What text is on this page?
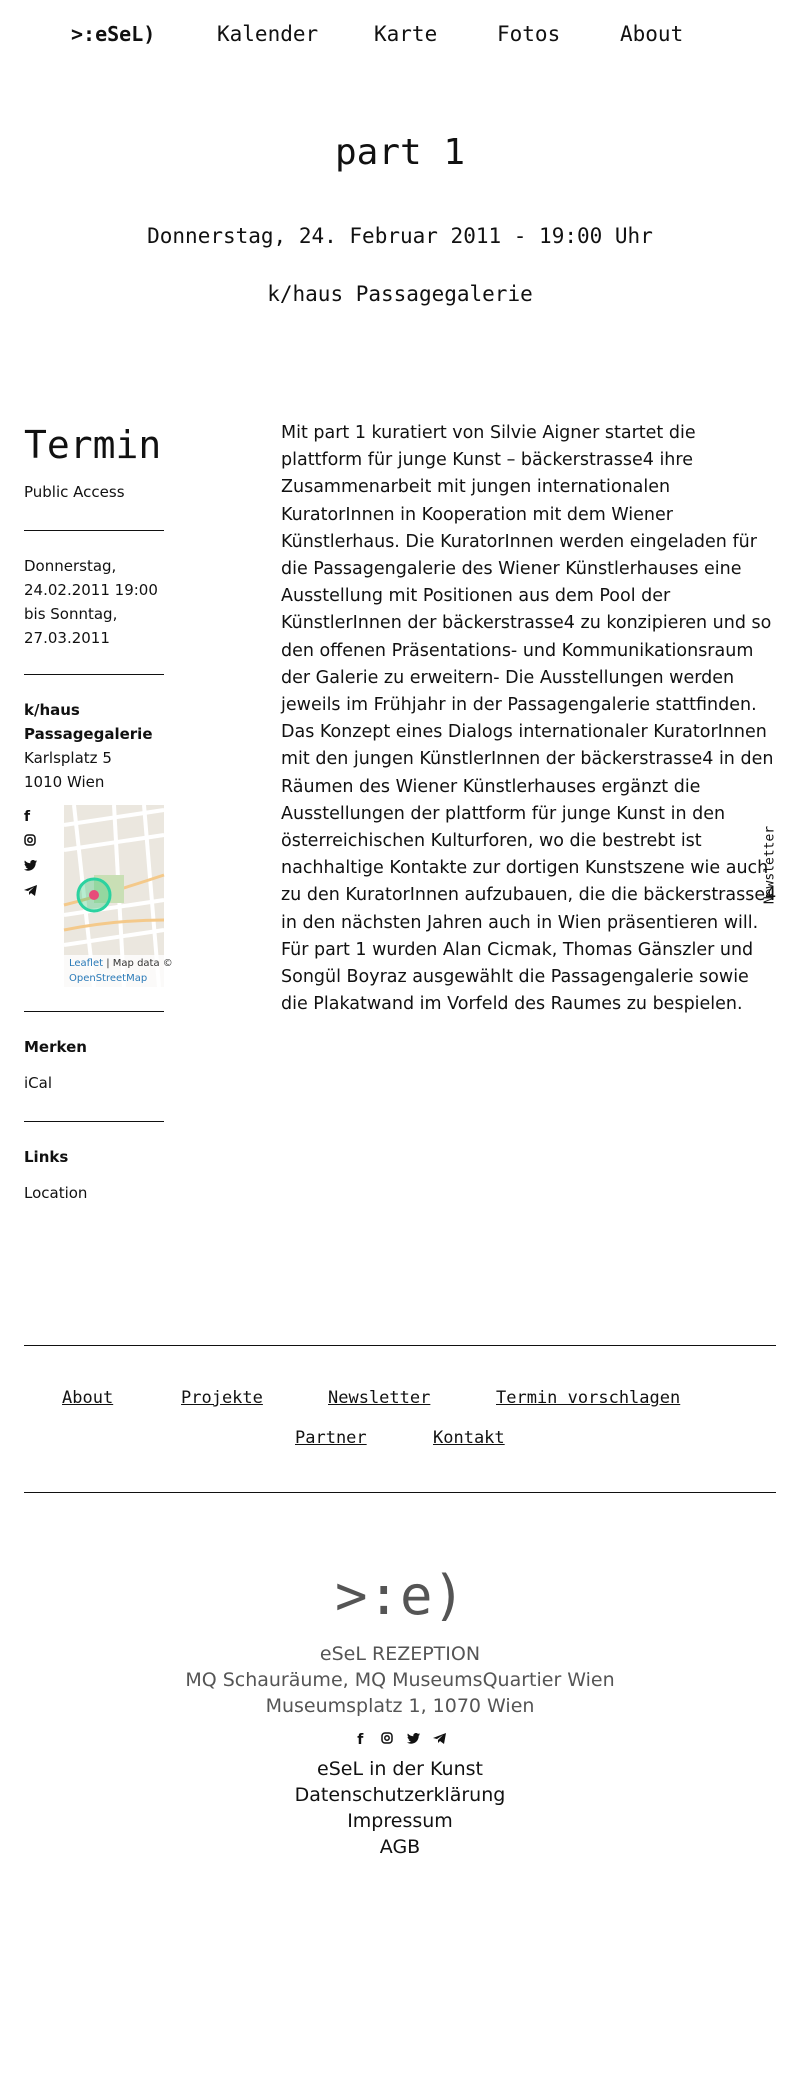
>:eSeL)	Kalender	Karte	Fotos	About
part 1
Donnerstag, 24. Februar 2011 - 19:00 Uhr
k/haus Passagegalerie
Termin
Public Access
Donnerstag,
24.02.2011 19:00
bis Sonntag,
27.03.2011
k/haus
Passagegalerie
Karlsplatz 5
1010 Wien
f
Leaflet | Map data ©
OpenStreetMap
Merken
iCal
Links
Location
Mit part 1 kuratiert von Silvie Aigner startet die plattform für junge Kunst – bäckerstrasse4 ihre Zusammenarbeit mit jungen internationalen KuratorInnen in Kooperation mit dem Wiener Künstlerhaus. Die KuratorInnen werden eingeladen für die Passagengalerie des Wiener Künstlerhauses eine Ausstellung mit Positionen aus dem Pool der KünstlerInnen der bäckerstrasse4 zu konzipieren und so den offenen Präsentations- und Kommunikationsraum der Galerie zu erweitern- Die Ausstellungen werden jeweils im Frühjahr in der Passagengalerie stattfinden. Das Konzept eines Dialogs internationaler KuratorInnen mit den jungen KünstlerInnen der bäckerstrasse4 in den Räumen des Wiener Künstlerhauses ergänzt die Ausstellungen der plattform für junge Kunst in den österreichischen Kulturforen, wo die bestrebt ist nachhaltige Kontakte zur dortigen Kunstszene wie auch zu den KuratorInnen aufzubauen, die die bäckerstrasse4 in den nächsten Jahren auch in Wien präsentieren will. Für part 1 wurden Alan Cicmak, Thomas Gänszler und Songül Boyraz ausgewählt die Passagengalerie sowie die Plakatwand im Vorfeld des Raumes zu bespielen.
Newsletter
About	Projekte	Newsletter	Termin vorschlagen
Partner	Kontakt
>:e)
eSeL REZEPTION
MQ Schauräume, MQ MuseumsQuartier Wien
Museumsplatz 1, 1070 Wien
f
eSeL in der Kunst
Datenschutzerklärung
Impressum
AGB
